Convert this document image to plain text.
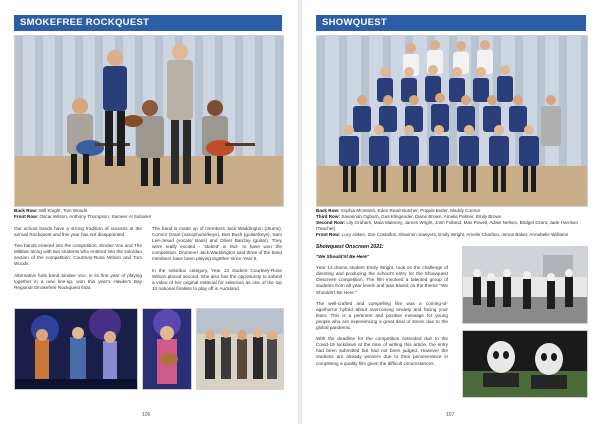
SMOKEFREE ROCKQUEST
Back Row: Will Knight, Tom Woods
Front Row: Oscar Wilson, Anthony Thompson, Sameer Al Saharier

Our school bands have a strong tradition of success at the annual Rockquest and this year has not disappointed.

Two bands entered into the competition, Sindee Voo and The Milkbar along with two students who entered into the solo/duo section of the competition: Courtney-Rose Wilson and Tom Woods.

Alternative funk band Sindee Voo, in its first year of playing together in a new line-up, won this year's Hawke's Bay Regional Smokefree Rockquest final.

The band is made up of members Jack Waddington (drums), Connor Grant (saxophone/keys), Ben Bush (guitar/keys), Sam Lee-Jesud (vocals/ Bass) and Oliver Barclay (guitar). They were really excited - 'stoked' in fact- to have won the competition. Drummer Jack Waddington said three of the band members have been playing together since Year 9.

In the solo/duo category, Year 13 student Courtney-Rose Wilson placed second. She also has the opportunity to submit a video of her original material for selection as one of the top 10 national finalists to play off in Auckland.

106
SHOWQUEST
Back Row: Sophia McIntosh, Eden Read-Butcher, Poppie Butler, Maddy Connor
Third Row: Savannah Ogburn, Gus Klingender, Diane Brown, Amelia Palmer, Emily Brown
Second Row: Lily Graham, Maia Maloney, James Wright, Josh Folland, Max Powell, Adam Nelson, Bridget Grant, Jade Harrison (Teacher)
Front Row: Lucy Aitken, Zoe Costalfos, Shannon Sawyers, Emily Wright, Amelie Charlton, Jenna Baker, Annabelle Williams
Showquest Onscreen 2021:

"We Should'nt Be Here"

Year 13 drama student Emily Wright, took on the challenge of directing and producing the school's entry for the Showquest Onscreen competition. The film involved a talented group of students from all year levels and was based on the theme "We Shouldn't Be Here."

The well-crafted and compelling film was a coming-of-age/horror hybrid about overcoming anxiety and facing your fears. This is a pertinent and positive message for young people who are experiencing a great deal of stress due to the global pandemic.

With the deadline for the competition extended due to the Covid-19 lockdown at the time of writing this article, the entry had been submitted but had not been judged. However the students are already winners due to their perseverance in completing a quality film given the difficult circumstances.

107
